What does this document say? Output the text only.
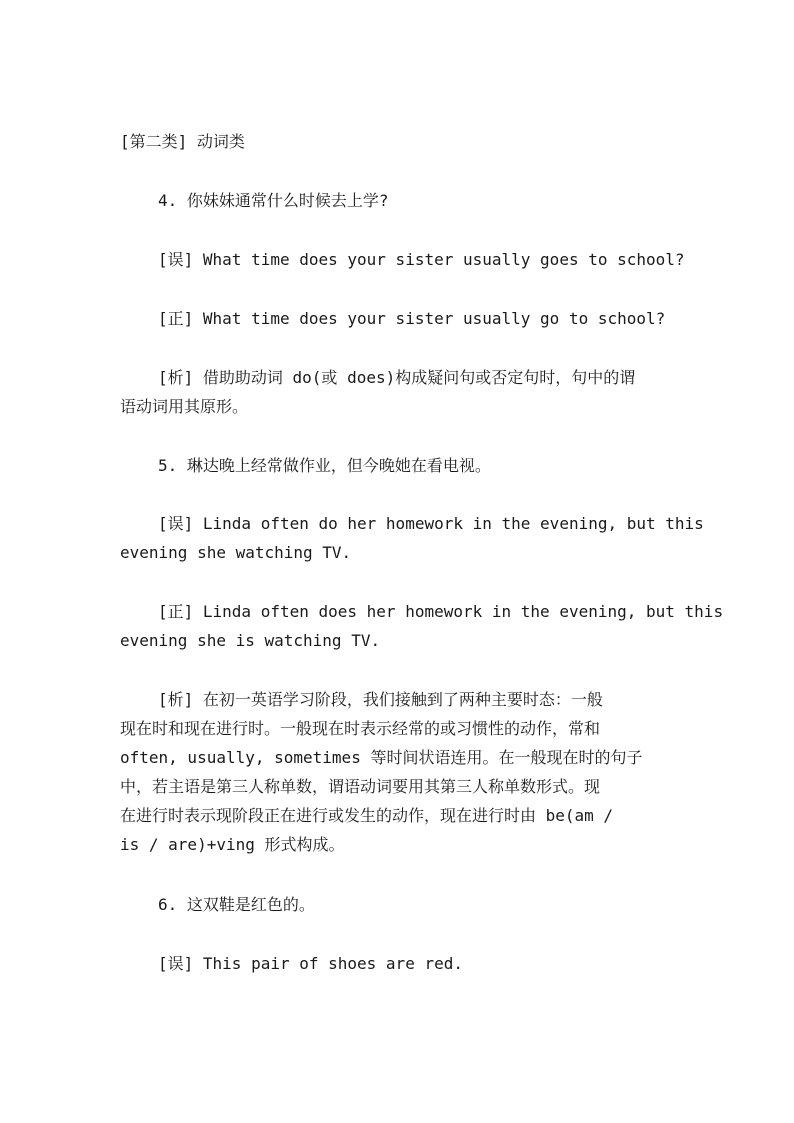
[第二类] 动词类

4. 你妹妹通常什么时候去上学?

[误] What time does your sister usually goes to school?

[正] What time does your sister usually go to school?

[析] 借助助动词 do(或 does)构成疑问句或否定句时，句中的谓

语动词用其原形。

5. 琳达晚上经常做作业，但今晚她在看电视。

[误] Linda often do her homework in the evening, but this

evening she watching TV.

[正] Linda often does her homework in the evening, but this

evening she is watching TV.

[析] 在初一英语学习阶段，我们接触到了两种主要时态：一般

现在时和现在进行时。一般现在时表示经常的或习惯性的动作，常和

often, usually, sometimes 等时间状语连用。在一般现在时的句子

中，若主语是第三人称单数，谓语动词要用其第三人称单数形式。现

在进行时表示现阶段正在进行或发生的动作，现在进行时由 be(am /

is / are)+ving 形式构成。

6. 这双鞋是红色的。

[误] This pair of shoes are red.
